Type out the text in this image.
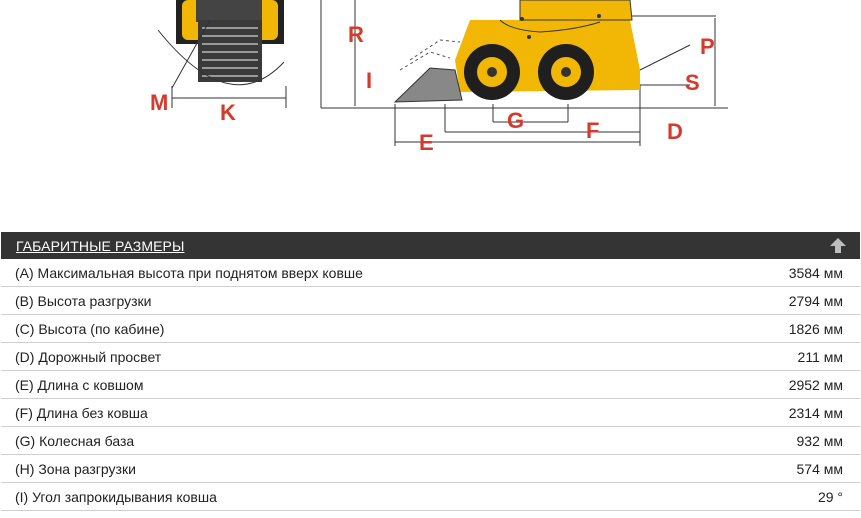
M K
R
I
E
G	F
P
S
D
ГАБАРИТНЫЕ РАЗМЕРЫ
(A) Максимальная высота при поднятом вверх ковше	3584 мм
(B) Высота разгрузки	2794 мм
(C) Высота (по кабине)	1826 мм
(D) Дорожный просвет	211 мм
(E) Длина с ковшом	2952 мм
(F) Длина без ковша	2314 мм
(G) Колесная база	932 мм
(H) Зона разгрузки	574 мм
(I) Угол запрокидывания ковша	29 °
